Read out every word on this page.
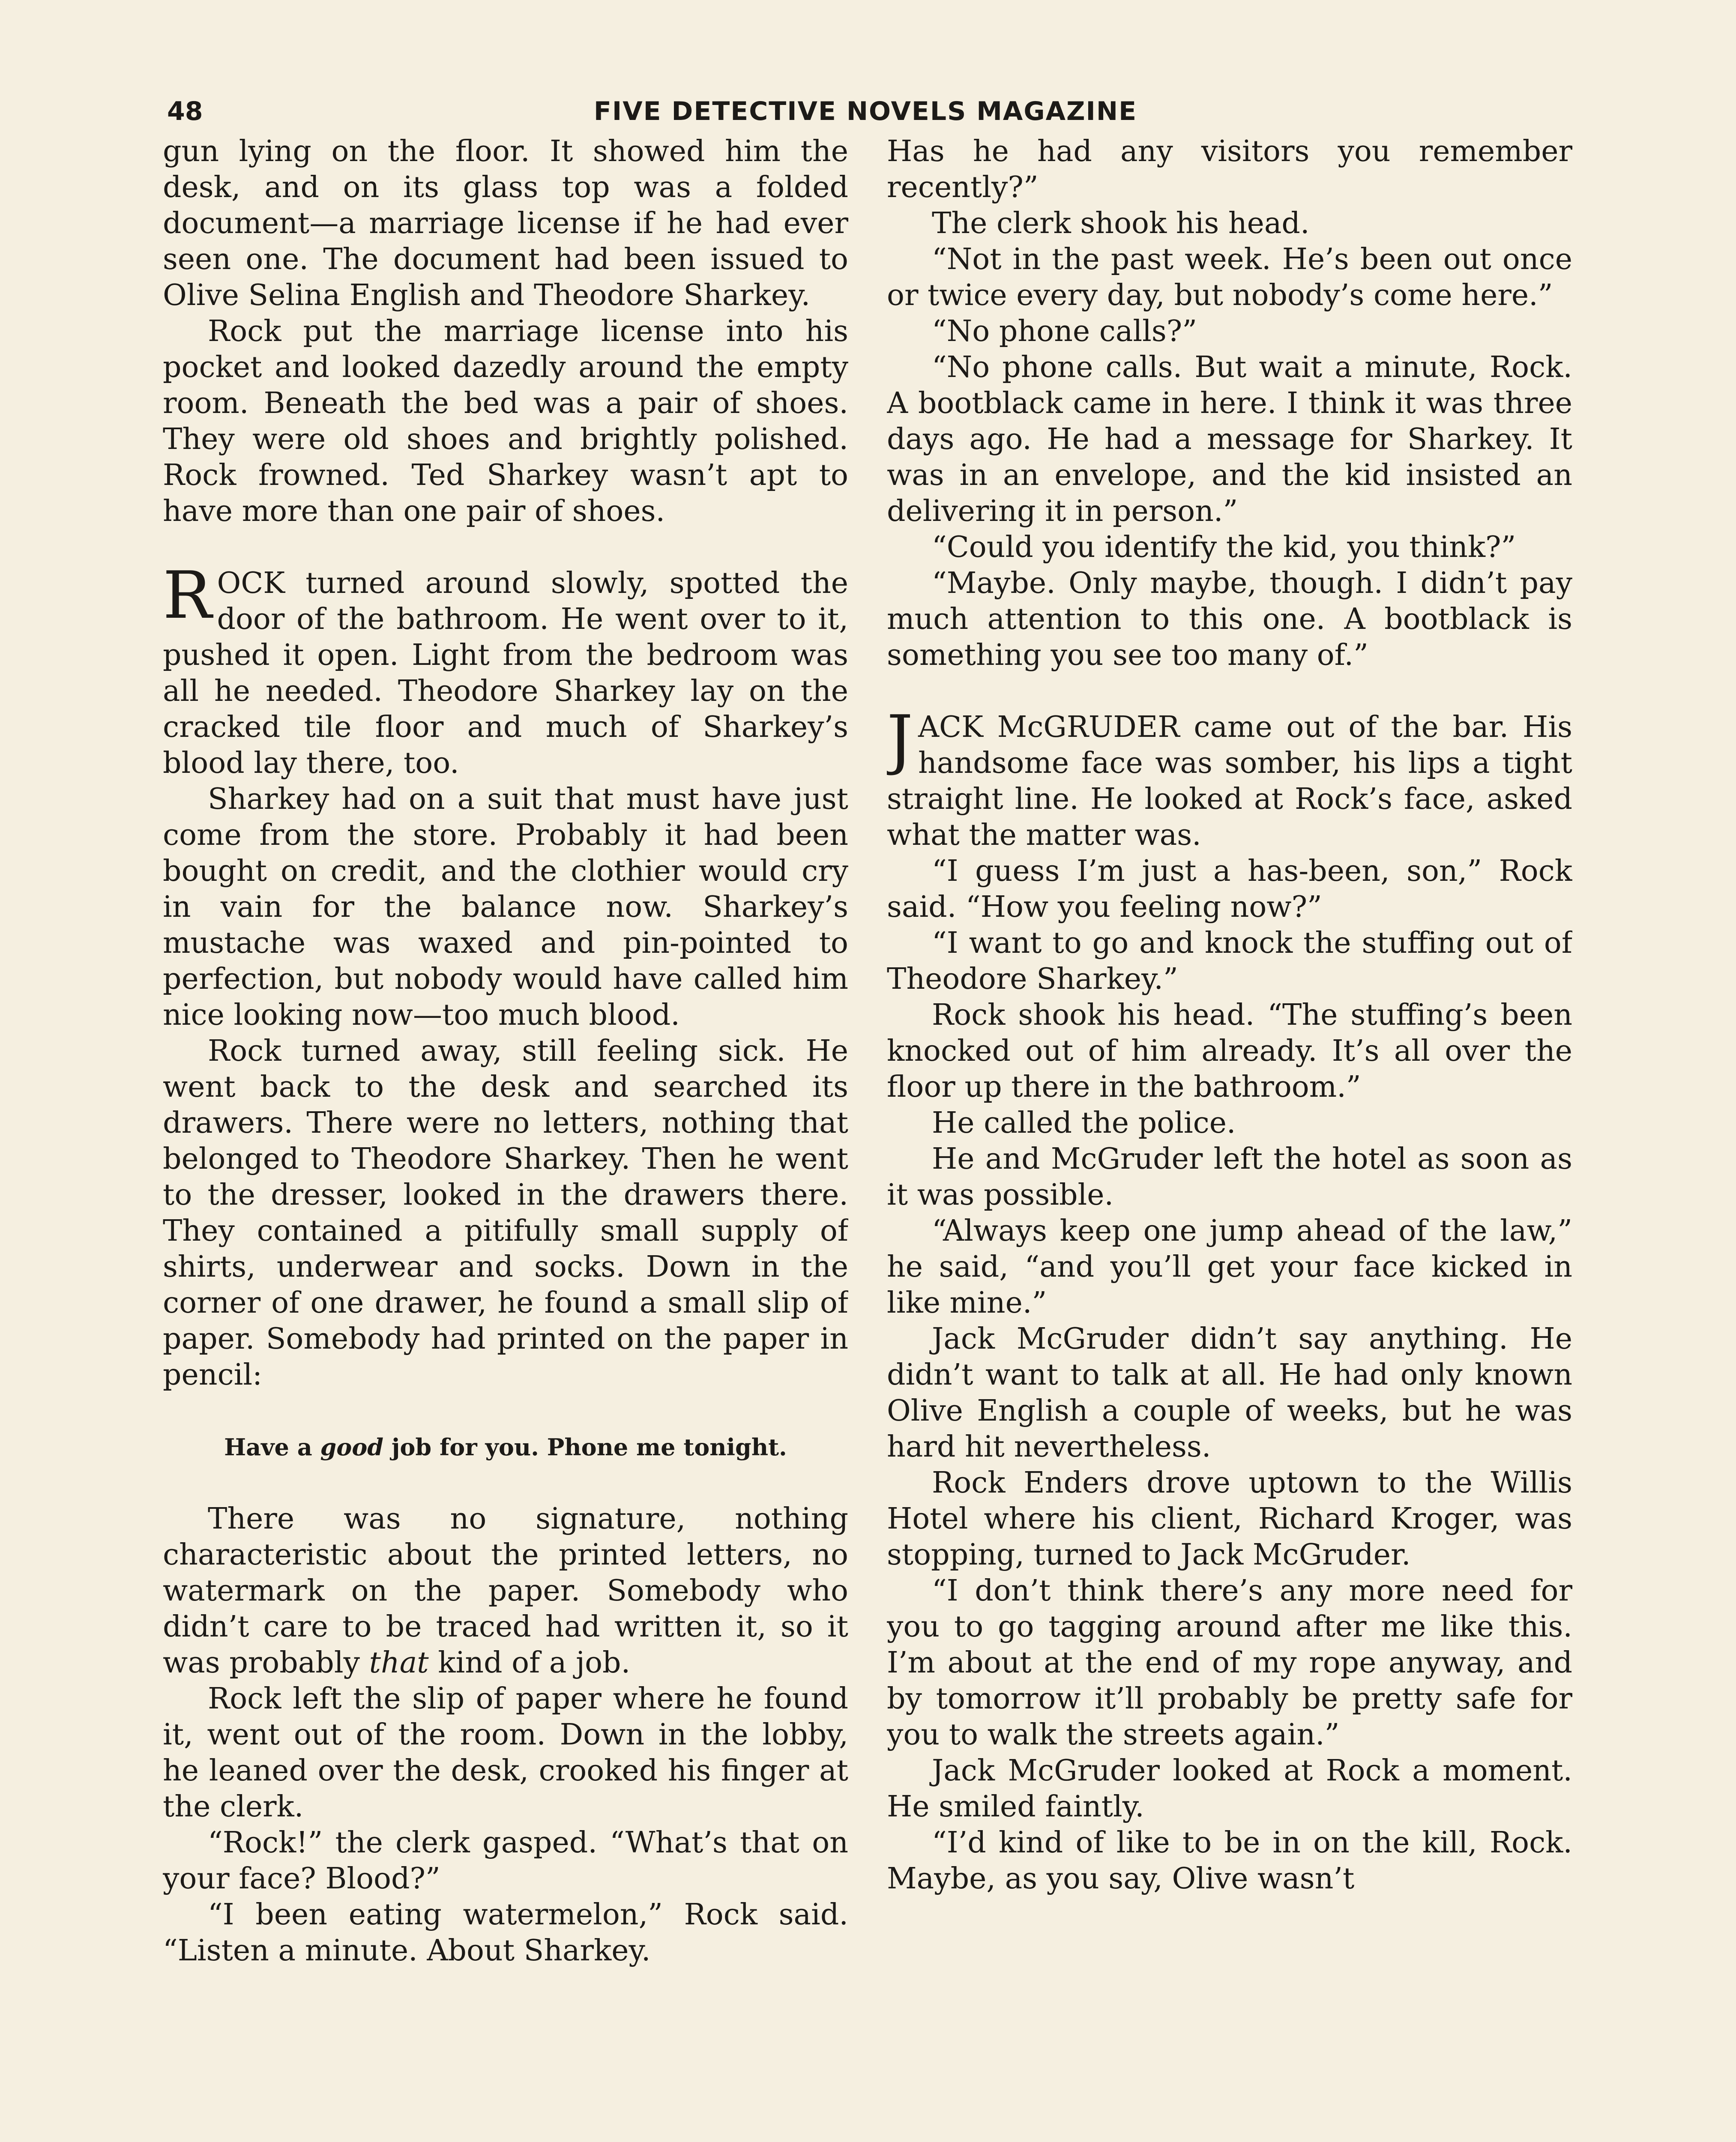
48	FIVE DETECTIVE NOVELS MAGAZINE

gun lying on the floor. It showed him the desk, and on its glass top was a folded document—a marriage license if he had ever seen one. The document had been issued to Olive Selina English and Theodore Sharkey.

Rock put the marriage license into his pocket and looked dazedly around the empty room. Beneath the bed was a pair of shoes. They were old shoes and brightly polished. Rock frowned. Ted Sharkey wasn’t apt to have more than one pair of shoes.

ROCK turned around slowly, spotted the door of the bathroom. He went over to it, pushed it open. Light from the bedroom was all he needed. Theodore Sharkey lay on the cracked tile floor and much of Sharkey’s blood lay there, too.

Sharkey had on a suit that must have just come from the store. Probably it had been bought on credit, and the clothier would cry in vain for the balance now. Sharkey’s mustache was waxed and pin-pointed to perfection, but nobody would have called him nice looking now—too much blood.

Rock turned away, still feeling sick. He went back to the desk and searched its drawers. There were no letters, nothing that belonged to Theodore Sharkey. Then he went to the dresser, looked in the drawers there. They contained a pitifully small supply of shirts, underwear and socks. Down in the corner of one drawer, he found a small slip of paper. Somebody had printed on the paper in pencil:

Have a good job for you. Phone me tonight.

There was no signature, nothing characteristic about the printed letters, no watermark on the paper. Somebody who didn’t care to be traced had written it, so it was probably that kind of a job.

Rock left the slip of paper where he found it, went out of the room. Down in the lobby, he leaned over the desk, crooked his finger at the clerk.

“Rock!” the clerk gasped. “What’s that on your face? Blood?”

“I been eating watermelon,” Rock said. “Listen a minute. About Sharkey.

Has he had any visitors you remember recently?”

The clerk shook his head.

“Not in the past week. He’s been out once or twice every day, but nobody’s come here.”

“No phone calls?”

“No phone calls. But wait a minute, Rock. A bootblack came in here. I think it was three days ago. He had a message for Sharkey. It was in an envelope, and the kid insisted an delivering it in person.”

“Could you identify the kid, you think?”

“Maybe. Only maybe, though. I didn’t pay much attention to this one. A bootblack is something you see too many of.”

JACK McGRUDER came out of the bar. His handsome face was somber, his lips a tight straight line. He looked at Rock’s face, asked what the matter was.

“I guess I’m just a has-been, son,” Rock said. “How you feeling now?”

“I want to go and knock the stuffing out of Theodore Sharkey.”

Rock shook his head. “The stuffing’s been knocked out of him already. It’s all over the floor up there in the bathroom.”

He called the police.

He and McGruder left the hotel as soon as it was possible.

“Always keep one jump ahead of the law,” he said, “and you’ll get your face kicked in like mine.”

Jack McGruder didn’t say anything. He didn’t want to talk at all. He had only known Olive English a couple of weeks, but he was hard hit nevertheless.

Rock Enders drove uptown to the Willis Hotel where his client, Richard Kroger, was stopping, turned to Jack McGruder.

“I don’t think there’s any more need for you to go tagging around after me like this. I’m about at the end of my rope anyway, and by tomorrow it’ll probably be pretty safe for you to walk the streets again.”

Jack McGruder looked at Rock a moment. He smiled faintly.

“I’d kind of like to be in on the kill, Rock. Maybe, as you say, Olive wasn’t
